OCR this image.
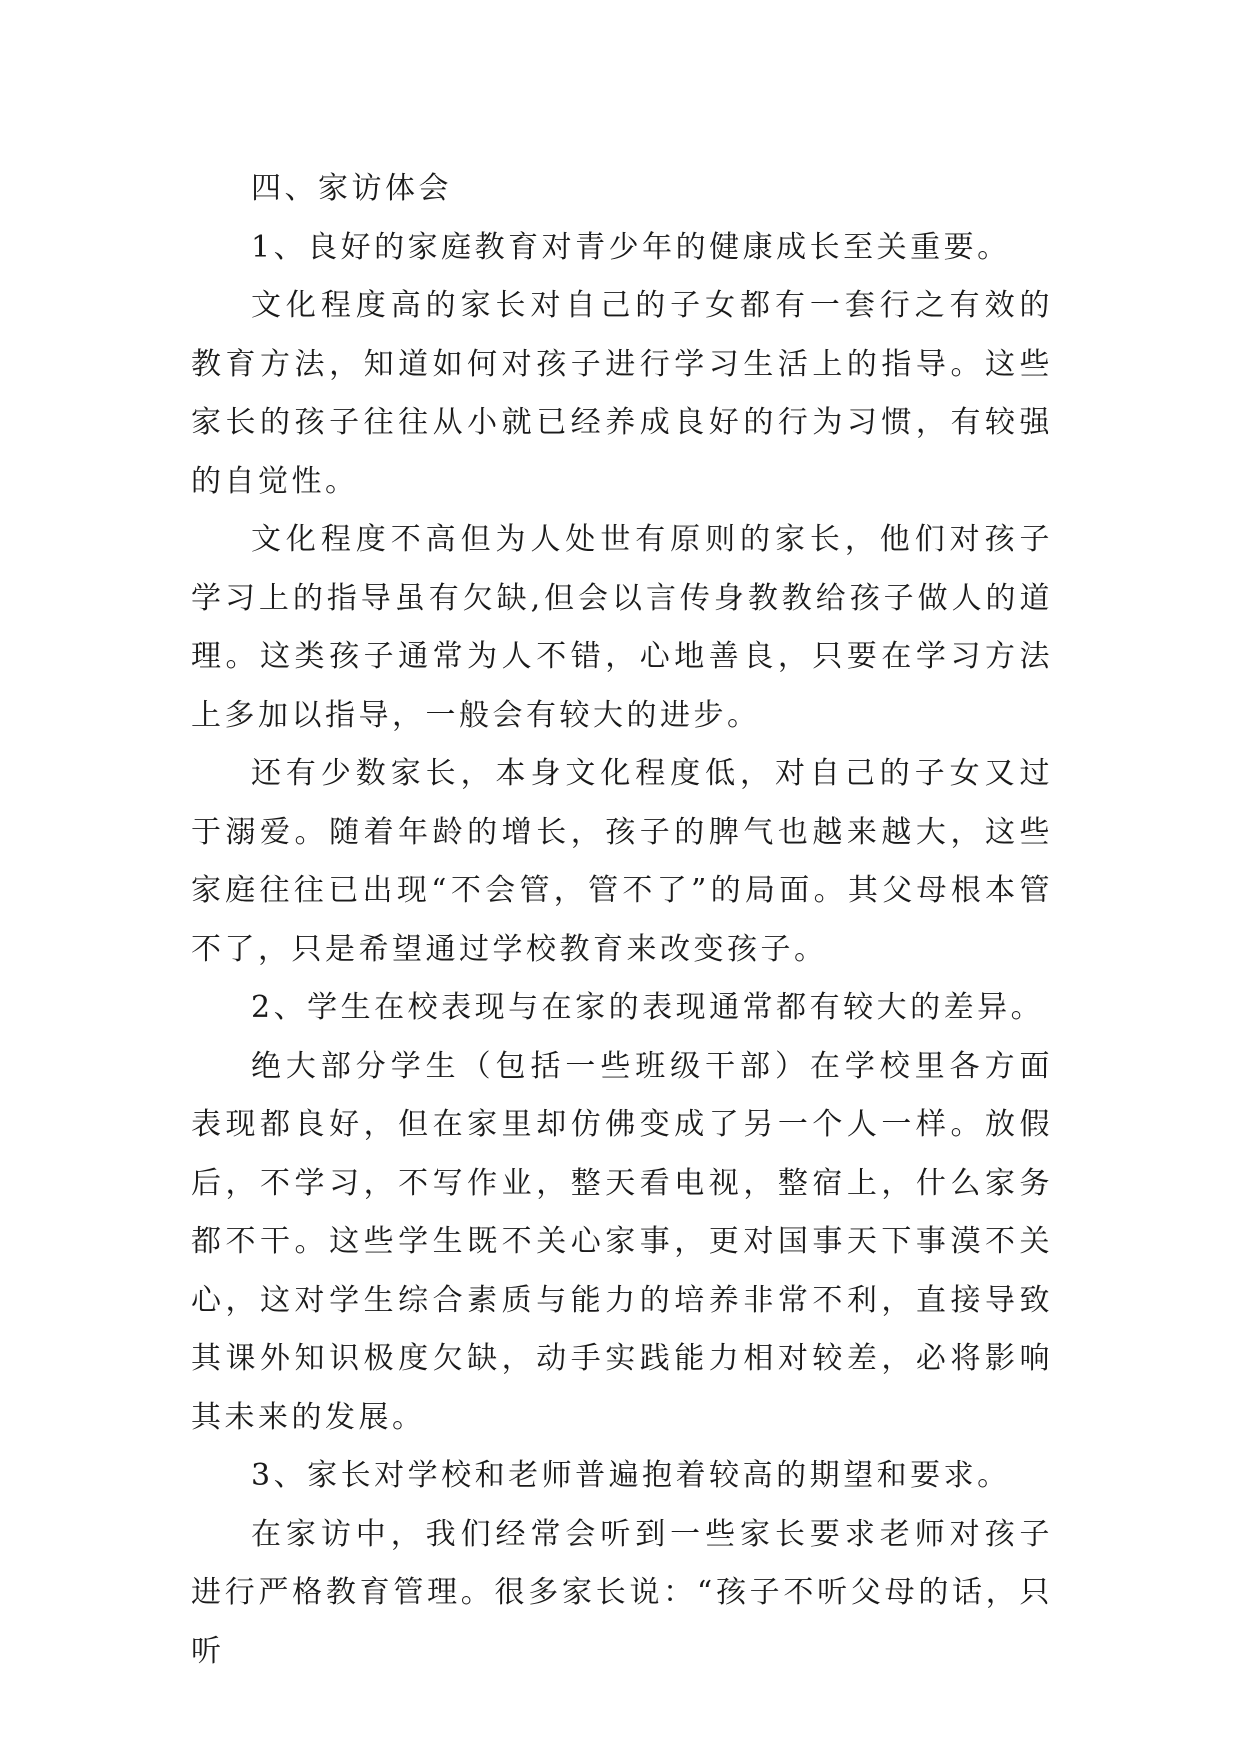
四、家访体会

1、良好的家庭教育对青少年的健康成长至关重要。

文化程度高的家长对自己的子女都有一套行之有效的教育方法，知道如何对孩子进行学习生活上的指导。这些家长的孩子往往从小就已经养成良好的行为习惯，有较强的自觉性。

文化程度不高但为人处世有原则的家长，他们对孩子学习上的指导虽有欠缺,但会以言传身教教给孩子做人的道理。这类孩子通常为人不错，心地善良，只要在学习方法上多加以指导，一般会有较大的进步。

还有少数家长，本身文化程度低，对自己的子女又过于溺爱。随着年龄的增长，孩子的脾气也越来越大，这些家庭往往已出现“不会管，管不了”的局面。其父母根本管不了，只是希望通过学校教育来改变孩子。

2、学生在校表现与在家的表现通常都有较大的差异。

绝大部分学生（包括一些班级干部）在学校里各方面表现都良好，但在家里却仿佛变成了另一个人一样。放假后，不学习，不写作业，整天看电视，整宿上，什么家务都不干。这些学生既不关心家事，更对国事天下事漠不关心，这对学生综合素质与能力的培养非常不利，直接导致其课外知识极度欠缺，动手实践能力相对较差，必将影响其未来的发展。

3、家长对学校和老师普遍抱着较高的期望和要求。

在家访中，我们经常会听到一些家长要求老师对孩子进行严格教育管理。很多家长说：“孩子不听父母的话，只听
